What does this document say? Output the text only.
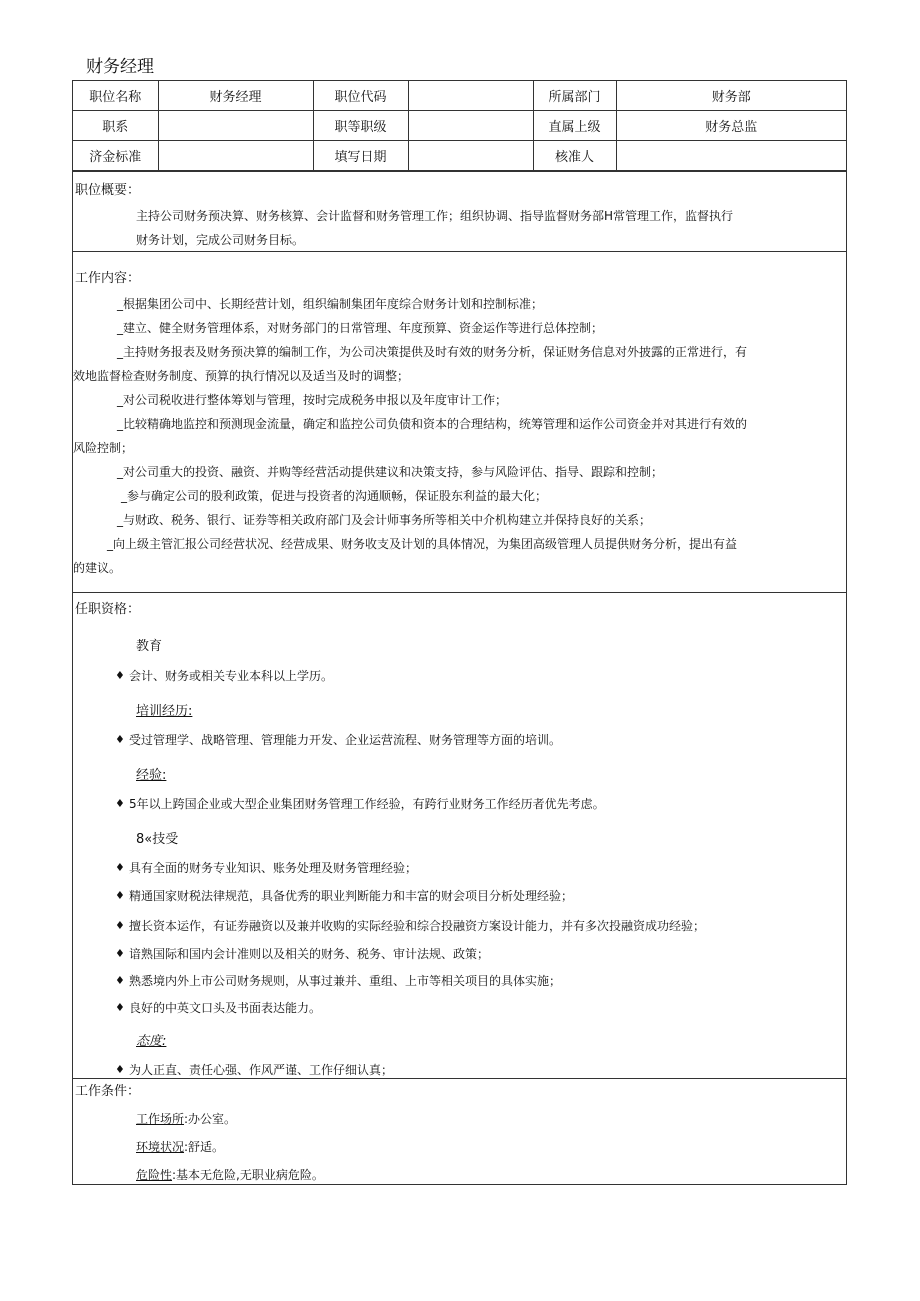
财务经理
职位名称	财务经理	职位代码		所属部门	财务部
职系		职等职级		直属上级	财务总监
济金标准		填写日期		核准人	
职位概要：
主持公司财务预决算、财务核算、会计监督和财务管理工作；组织协调、指导监督财务部H常管理工作，监督执行
财务计划，完成公司财务目标。
工作内容：
_根据集团公司中、长期经营计划，组织编制集团年度综合财务计划和控制标准；
_建立、健全财务管理体系，对财务部门的日常管理、年度预算、资金运作等进行总体控制；
_主持财务报表及财务预决算的编制工作，为公司决策提供及时有效的财务分析，保证财务信息对外披露的正常进行，有
效地监督检查财务制度、预算的执行情况以及适当及时的调整；
_对公司税收进行整体筹划与管理，按时完成税务申报以及年度审计工作；
_比较精确地监控和预测现金流量，确定和监控公司负债和资本的合理结构，统筹管理和运作公司资金并对其进行有效的
风险控制；
_对公司重大的投资、融资、并购等经营活动提供建议和决策支持，参与风险评估、指导、跟踪和控制；
_参与确定公司的股利政策，促进与投资者的沟通顺畅，保证股东利益的最大化；
_与财政、税务、银行、证券等相关政府部门及会计师事务所等相关中介机构建立并保持良好的关系；
_向上级主管汇报公司经营状况、经营成果、财务收支及计划的具体情况，为集团高级管理人员提供财务分析，提出有益
的建议。
任职资格：
教育
♦ 会计、财务或相关专业本科以上学历。
培训经历:
♦ 受过管理学、战略管理、管理能力开发、企业运营流程、财务管理等方面的培训。
经验:
♦ 5年以上跨国企业或大型企业集团财务管理工作经验，有跨行业财务工作经历者优先考虑。
8«技受
♦ 具有全面的财务专业知识、账务处理及财务管理经验；
♦ 精通国家财税法律规范，具备优秀的职业判断能力和丰富的财会项目分析处理经验；
♦ 擅长资本运作，有证券融资以及兼并收购的实际经验和综合投融资方案设计能力，并有多次投融资成功经验；
♦ 谙熟国际和国内会计准则以及相关的财务、税务、审计法规、政策；
♦ 熟悉境内外上市公司财务规则，从事过兼并、重组、上市等相关项目的具体实施；
♦ 良好的中英文口头及书面表达能力。
态度:
♦ 为人正直、责任心强、作风严谨、工作仔细认真；
工作条件：
工作场所:办公室。
环境状况:舒适。
危险性:基本无危险,无职业病危险。
